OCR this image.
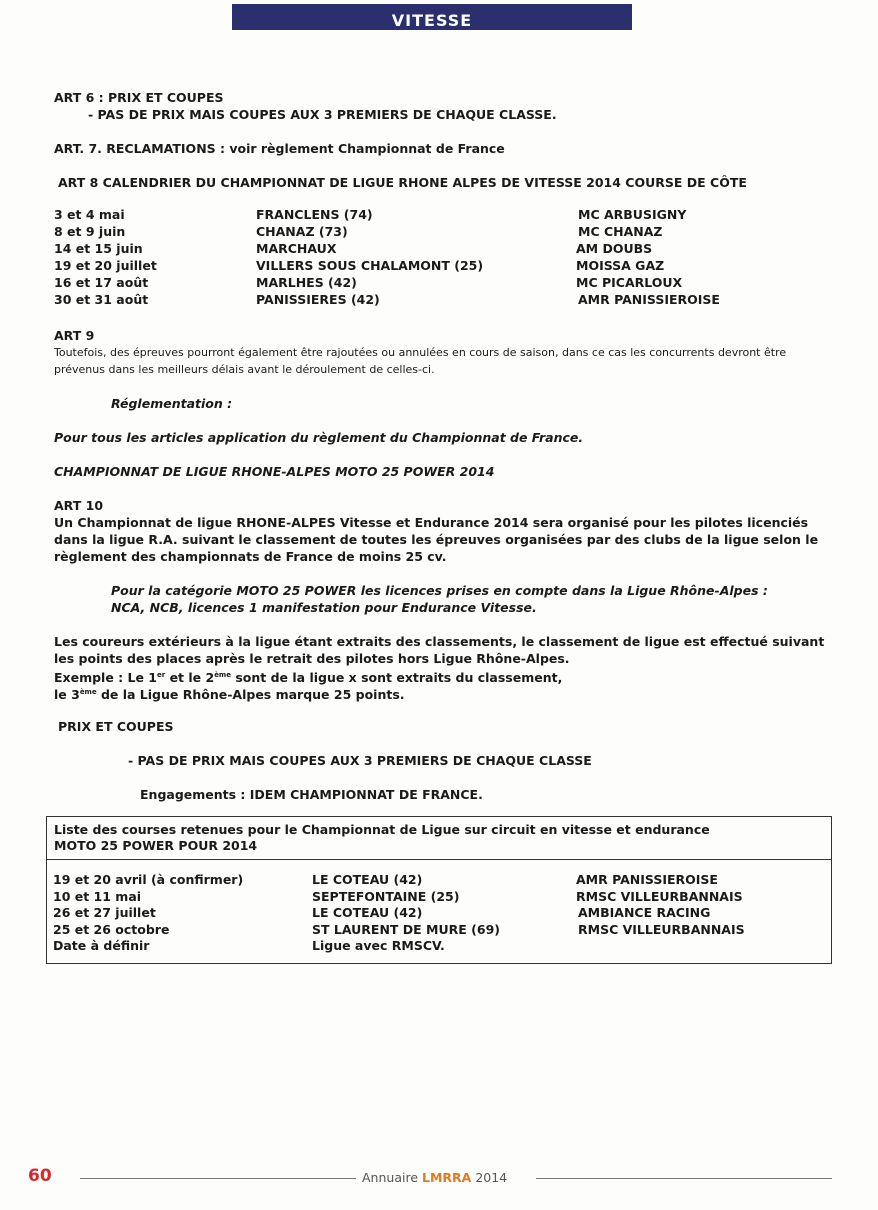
VITESSE
ART 6 : PRIX ET COUPES
- PAS DE PRIX MAIS COUPES AUX 3 PREMIERS DE CHAQUE CLASSE.
ART. 7. RECLAMATIONS : voir règlement Championnat de France
ART 8 CALENDRIER DU CHAMPIONNAT DE LIGUE RHONE ALPES DE VITESSE 2014 COURSE DE CÔTE
3 et 4 mai	FRANCLENS (74)	MC ARBUSIGNY
8 et 9 juin	CHANAZ (73)	MC CHANAZ
14 et 15 juin	MARCHAUX	AM DOUBS
19 et 20 juillet	VILLERS SOUS CHALAMONT (25)	MOISSA GAZ
16 et 17 août	MARLHES (42)	MC PICARLOUX
30 et 31 août	PANISSIERES (42)	AMR PANISSIEROISE
ART 9
Toutefois, des épreuves pourront également être rajoutées ou annulées en cours de saison, dans ce cas les concurrents devront être
prévenus dans les meilleurs délais avant le déroulement de celles-ci.
Réglementation :
Pour tous les articles application du règlement du Championnat de France.
CHAMPIONNAT DE LIGUE RHONE-ALPES MOTO 25 POWER 2014
ART 10
Un Championnat de ligue RHONE-ALPES Vitesse et Endurance 2014 sera organisé pour les pilotes licenciés
dans la ligue R.A. suivant le classement de toutes les épreuves organisées par des clubs de la ligue selon le
règlement des championnats de France de moins 25 cv.
Pour la catégorie MOTO 25 POWER les licences prises en compte dans la Ligue Rhône-Alpes :
NCA, NCB, licences 1 manifestation pour Endurance Vitesse.
Les coureurs extérieurs à la ligue étant extraits des classements, le classement de ligue est effectué suivant
les points des places après le retrait des pilotes hors Ligue Rhône-Alpes.
Exemple : Le 1er et le 2ème sont de la ligue x sont extraits du classement,
le 3ème de la Ligue Rhône-Alpes marque 25 points.
PRIX ET COUPES
- PAS DE PRIX MAIS COUPES AUX 3 PREMIERS DE CHAQUE CLASSE
Engagements : IDEM CHAMPIONNAT DE FRANCE.
Liste des courses retenues pour le Championnat de Ligue sur circuit en vitesse et endurance
MOTO 25 POWER POUR 2014
19 et 20 avril (à confirmer)	LE COTEAU (42)	AMR PANISSIEROISE
10 et 11 mai	SEPTEFONTAINE (25)	RMSC VILLEURBANNAIS
26 et 27 juillet	LE COTEAU (42)	AMBIANCE RACING
25 et 26 octobre	ST LAURENT DE MURE (69)	RMSC VILLEURBANNAIS
Date à définir	Ligue avec RMSCV.
60	Annuaire LMRRA 2014
